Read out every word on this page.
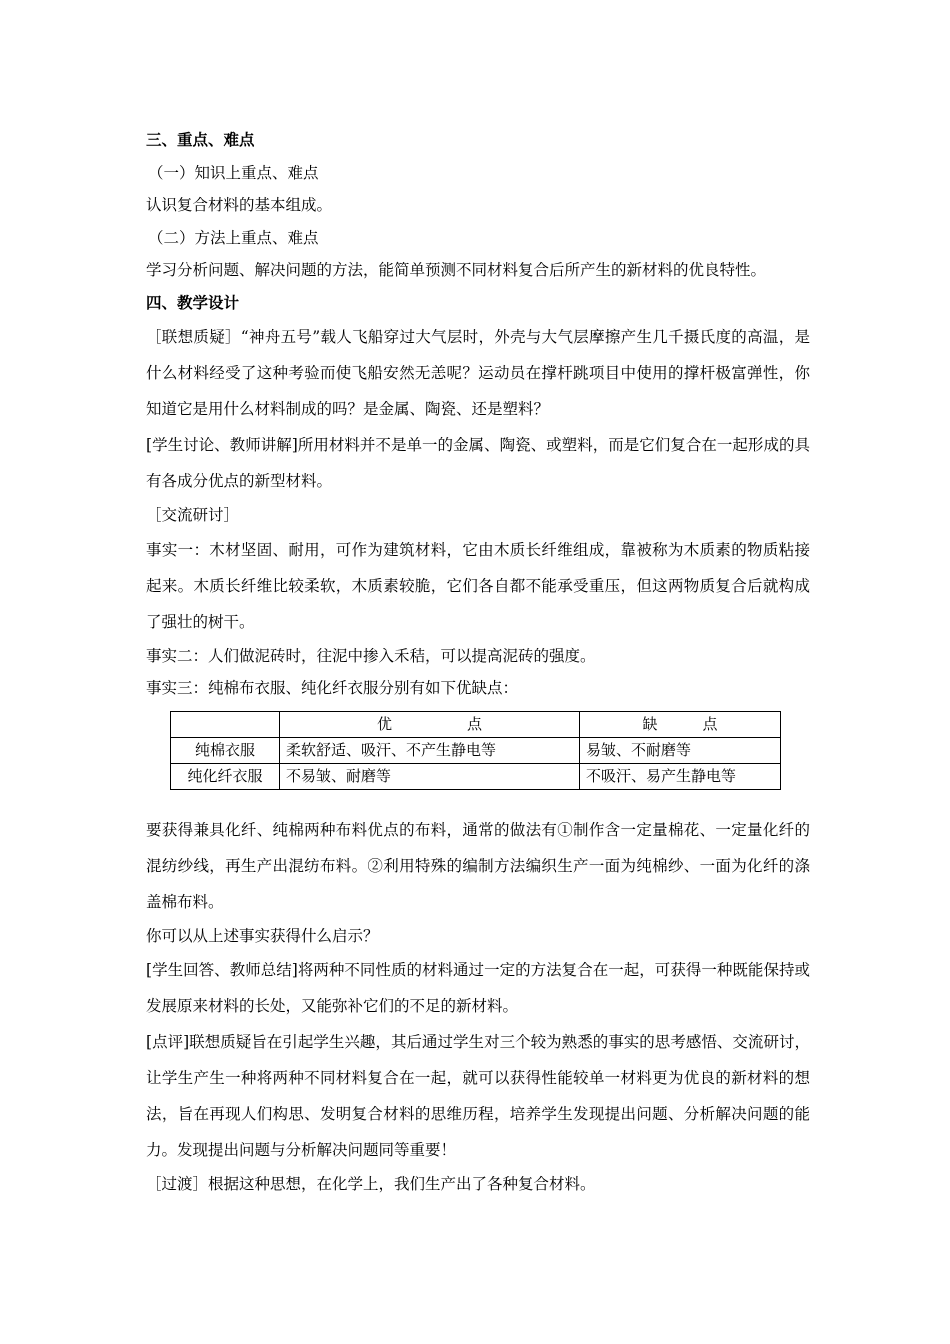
三、重点、难点

（一）知识上重点、难点

认识复合材料的基本组成。

（二）方法上重点、难点

学习分析问题、解决问题的方法，能简单预测不同材料复合后所产生的新材料的优良特性。

四、教学设计

［联想质疑］“神舟五号”载人飞船穿过大气层时，外壳与大气层摩擦产生几千摄氏度的高温，是什么材料经受了这种考验而使飞船安然无恙呢？运动员在撑杆跳项目中使用的撑杆极富弹性，你知道它是用什么材料制成的吗？是金属、陶瓷、还是塑料？

[学生讨论、教师讲解]所用材料并不是单一的金属、陶瓷、或塑料，而是它们复合在一起形成的具有各成分优点的新型材料。

［交流研讨］

事实一：木材坚固、耐用，可作为建筑材料，它由木质长纤维组成，靠被称为木质素的物质粘接起来。木质长纤维比较柔软，木质素较脆，它们各自都不能承受重压，但这两物质复合后就构成了强壮的树干。

事实二：人们做泥砖时，往泥中掺入禾秸，可以提高泥砖的强度。

事实三：纯棉布衣服、纯化纤衣服分别有如下优缺点：

	优　　　　　点	缺　　　点
纯棉衣服	柔软舒适、吸汗、不产生静电等	易皱、不耐磨等
纯化纤衣服	不易皱、耐磨等	不吸汗、易产生静电等

要获得兼具化纤、纯棉两种布料优点的布料，通常的做法有①制作含一定量棉花、一定量化纤的混纺纱线，再生产出混纺布料。②利用特殊的编制方法编织生产一面为纯棉纱、一面为化纤的涤盖棉布料。

你可以从上述事实获得什么启示？

[学生回答、教师总结]将两种不同性质的材料通过一定的方法复合在一起，可获得一种既能保持或发展原来材料的长处，又能弥补它们的不足的新材料。

[点评]联想质疑旨在引起学生兴趣，其后通过学生对三个较为熟悉的事实的思考感悟、交流研讨，让学生产生一种将两种不同材料复合在一起，就可以获得性能较单一材料更为优良的新材料的想法，旨在再现人们构思、发明复合材料的思维历程，培养学生发现提出问题、分析解决问题的能力。发现提出问题与分析解决问题同等重要！

［过渡］根据这种思想，在化学上，我们生产出了各种复合材料。
